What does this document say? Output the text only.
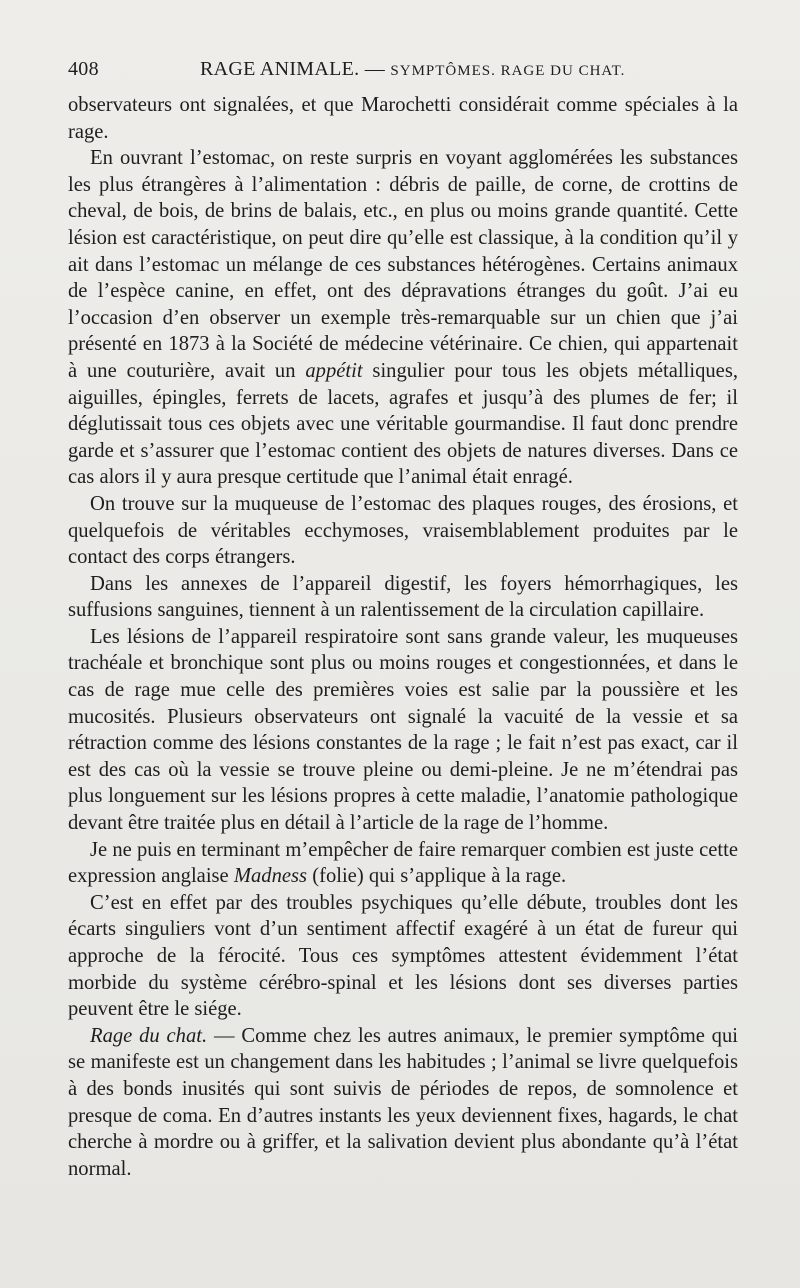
408	RAGE ANIMALE. — SYMPTÔMES. RAGE DU CHAT.

observateurs ont signalées, et que Marochetti considérait comme spéciales à la rage.

En ouvrant l’estomac, on reste surpris en voyant agglomérées les substances les plus étrangères à l’alimentation : débris de paille, de corne, de crottins de cheval, de bois, de brins de balais, etc., en plus ou moins grande quantité. Cette lésion est caractéristique, on peut dire qu’elle est classique, à la condition qu’il y ait dans l’estomac un mélange de ces substances hétérogènes. Certains animaux de l’espèce canine, en effet, ont des dépravations étranges du goût. J’ai eu l’occasion d’en observer un exemple très-remarquable sur un chien que j’ai présenté en 1873 à la Société de médecine vétérinaire. Ce chien, qui appartenait à une couturière, avait un appétit singulier pour tous les objets métalliques, aiguilles, épingles, ferrets de lacets, agrafes et jusqu’à des plumes de fer; il déglutissait tous ces objets avec une véritable gourmandise. Il faut donc prendre garde et s’assurer que l’estomac contient des objets de natures diverses. Dans ce cas alors il y aura presque certitude que l’animal était enragé.

On trouve sur la muqueuse de l’estomac des plaques rouges, des érosions, et quelquefois de véritables ecchymoses, vraisemblablement produites par le contact des corps étrangers.

Dans les annexes de l’appareil digestif, les foyers hémorrhagiques, les suffusions sanguines, tiennent à un ralentissement de la circulation capillaire.

Les lésions de l’appareil respiratoire sont sans grande valeur, les muqueuses trachéale et bronchique sont plus ou moins rouges et congestionnées, et dans le cas de rage mue celle des premières voies est salie par la poussière et les mucosités. Plusieurs observateurs ont signalé la vacuité de la vessie et sa rétraction comme des lésions constantes de la rage ; le fait n’est pas exact, car il est des cas où la vessie se trouve pleine ou demi-pleine. Je ne m’étendrai pas plus longuement sur les lésions propres à cette maladie, l’anatomie pathologique devant être traitée plus en détail à l’article de la rage de l’homme.

Je ne puis en terminant m’empêcher de faire remarquer combien est juste cette expression anglaise Madness (folie) qui s’applique à la rage.

C’est en effet par des troubles psychiques qu’elle débute, troubles dont les écarts singuliers vont d’un sentiment affectif exagéré à un état de fureur qui approche de la férocité. Tous ces symptômes attestent évidemment l’état morbide du système cérébro-spinal et les lésions dont ses diverses parties peuvent être le siége.

Rage du chat. — Comme chez les autres animaux, le premier symptôme qui se manifeste est un changement dans les habitudes ; l’animal se livre quelquefois à des bonds inusités qui sont suivis de périodes de repos, de somnolence et presque de coma. En d’autres instants les yeux deviennent fixes, hagards, le chat cherche à mordre ou à griffer, et la salivation devient plus abondante qu’à l’état normal.
